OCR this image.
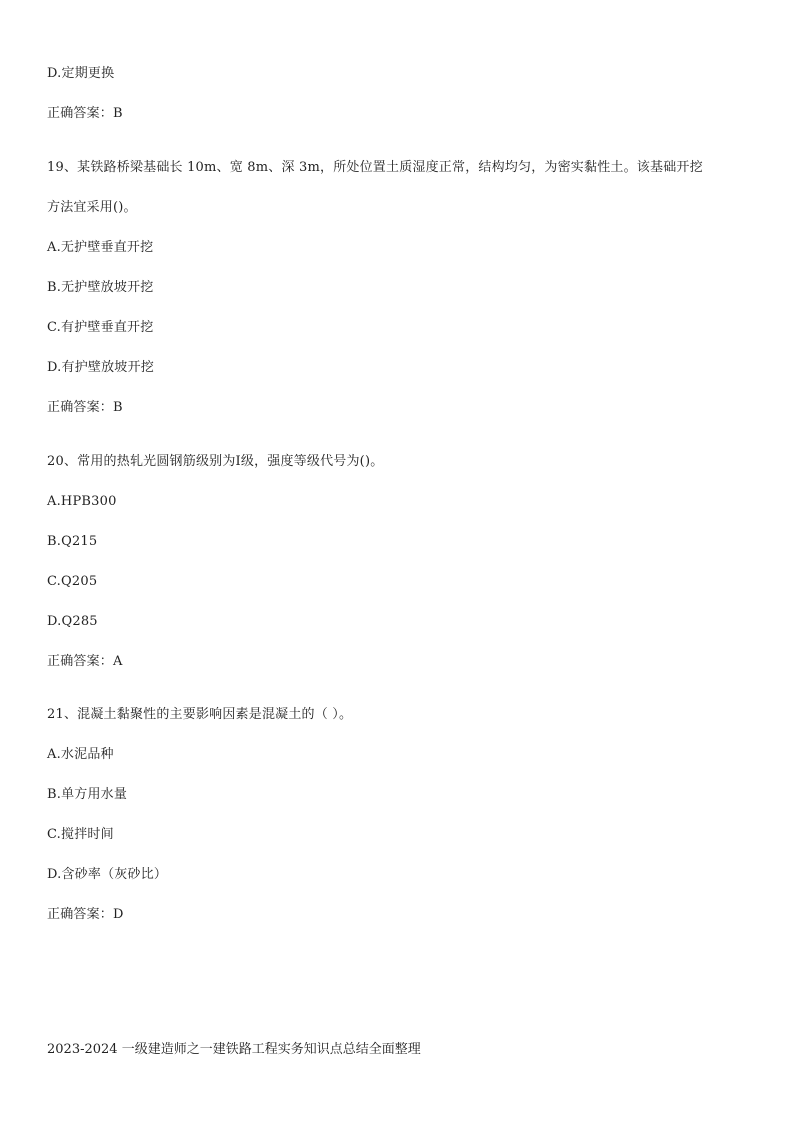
D.定期更换
正确答案：B
19、某铁路桥梁基础长 10m、宽 8m、深 3m，所处位置土质湿度正常，结构均匀，为密实黏性土。该基础开挖
方法宜采用()。
A.无护壁垂直开挖
B.无护壁放坡开挖
C.有护壁垂直开挖
D.有护壁放坡开挖
正确答案：B
20、常用的热轧光圆钢筋级别为Ⅰ级，强度等级代号为()。
A.HPB300
B.Q215
C.Q205
D.Q285
正确答案：A
21、混凝土黏聚性的主要影响因素是混凝土的（ ）。
A.水泥品种
B.单方用水量
C.搅拌时间
D.含砂率（灰砂比）
正确答案：D
2023-2024 一级建造师之一建铁路工程实务知识点总结全面整理
